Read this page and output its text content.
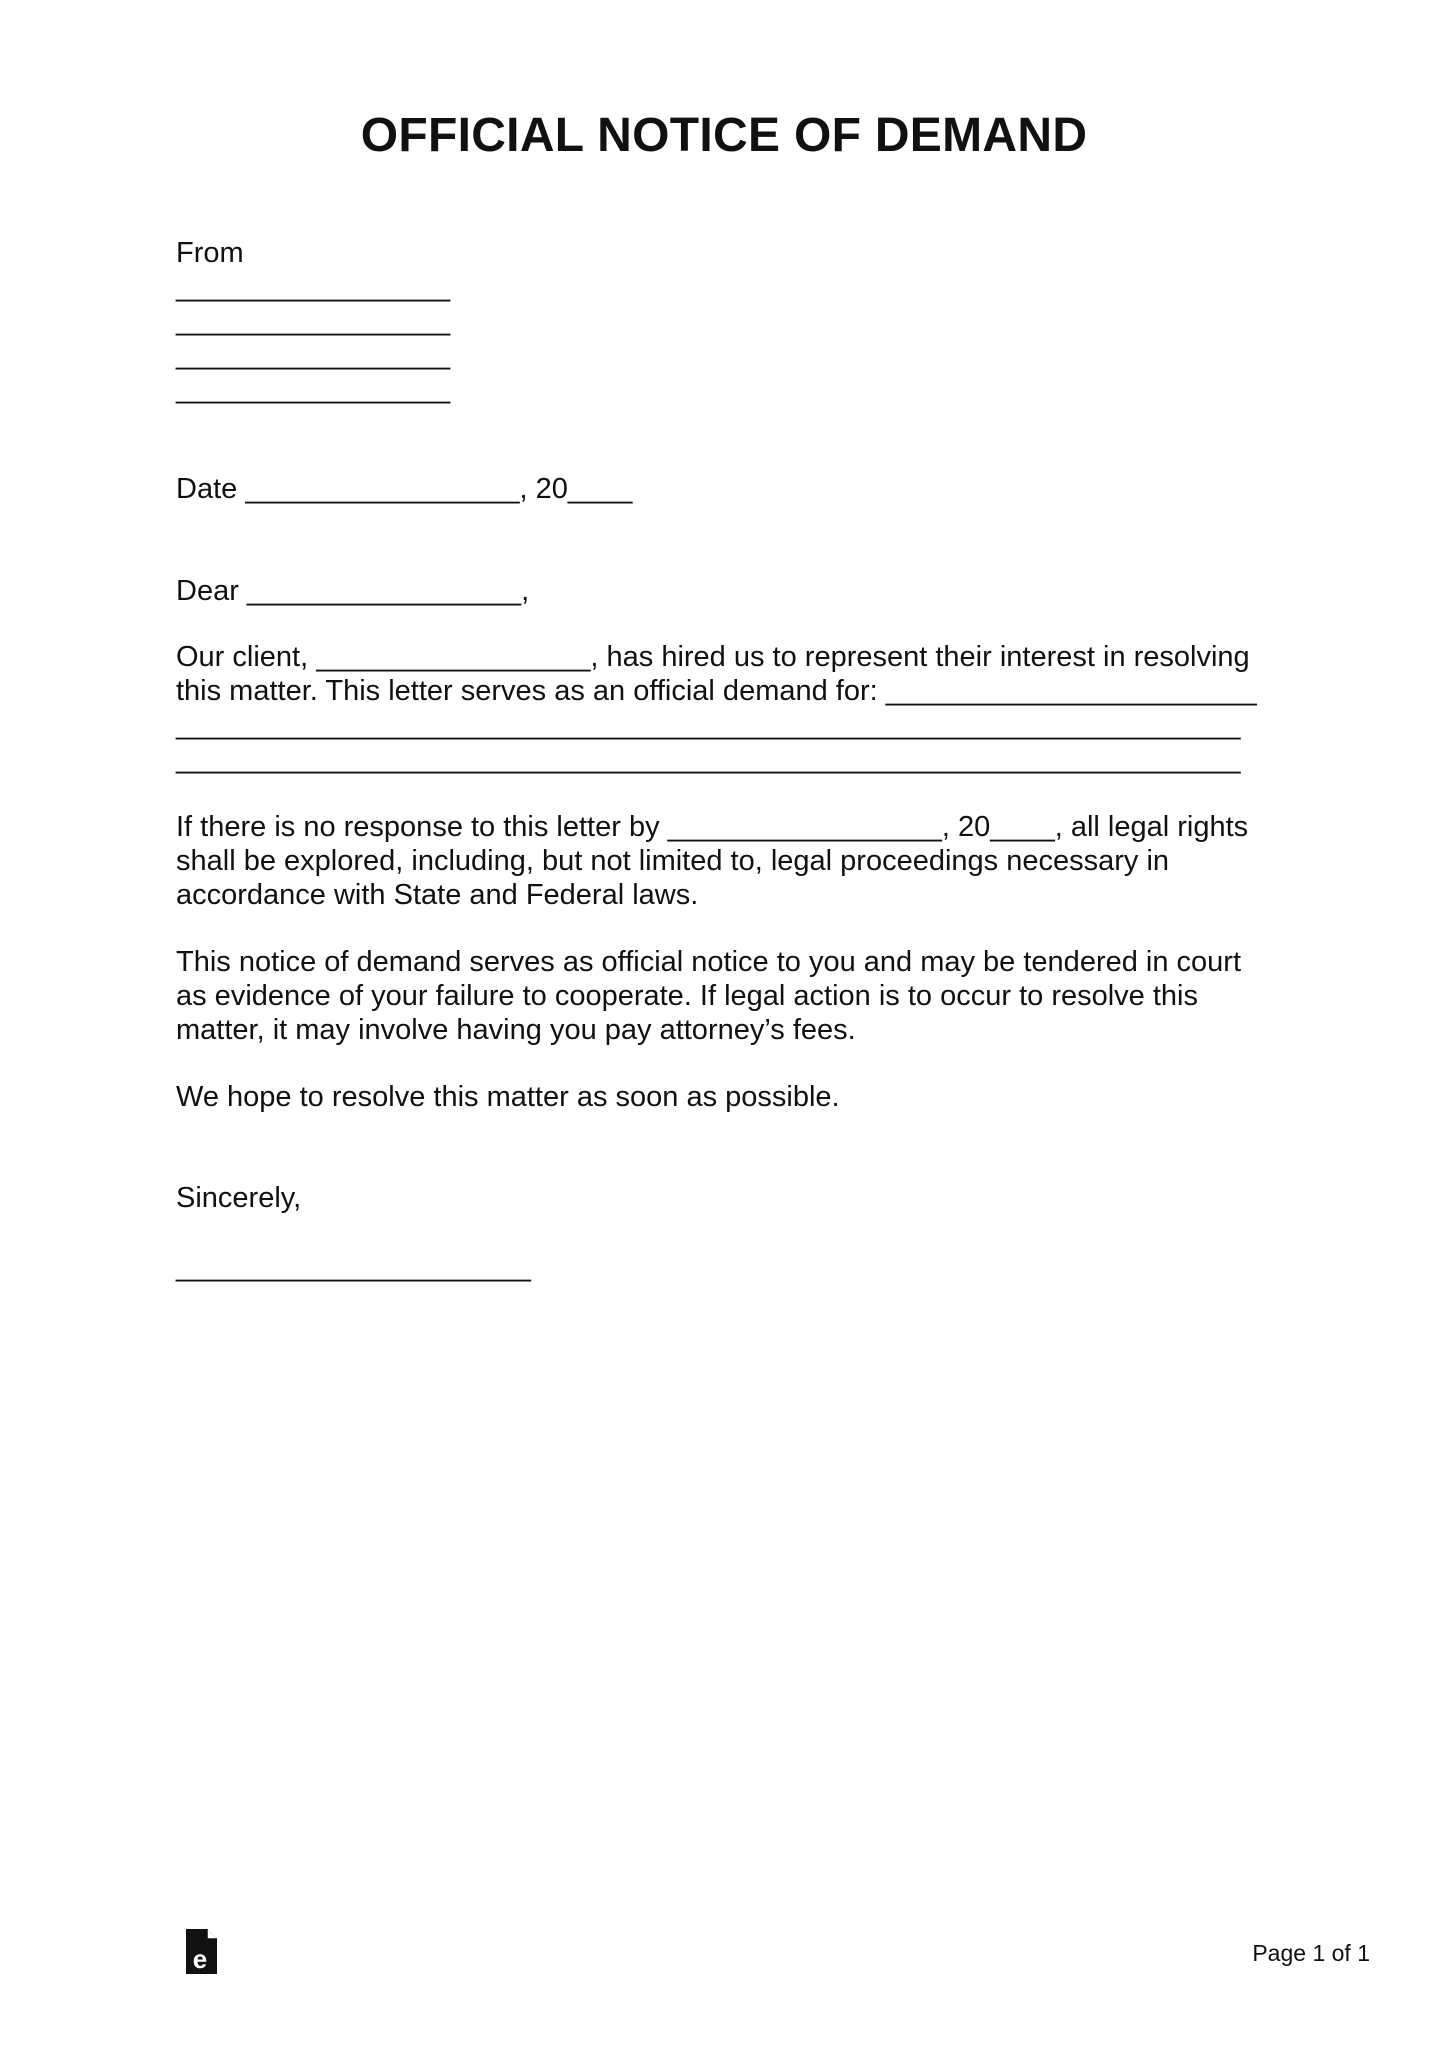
OFFICIAL NOTICE OF DEMAND
From
_________________
_________________
_________________
_________________
Date _________________, 20____
Dear _________________,
Our client, _________________, has hired us to represent their interest in resolving
this matter. This letter serves as an official demand for: _______________________
__________________________________________________________________
__________________________________________________________________
If there is no response to this letter by _________________, 20____, all legal rights
shall be explored, including, but not limited to, legal proceedings necessary in
accordance with State and Federal laws.
This notice of demand serves as official notice to you and may be tendered in court
as evidence of your failure to cooperate. If legal action is to occur to resolve this
matter, it may involve having you pay attorney’s fees.
We hope to resolve this matter as soon as possible.
Sincerely,
______________________
e	Page 1 of 1
